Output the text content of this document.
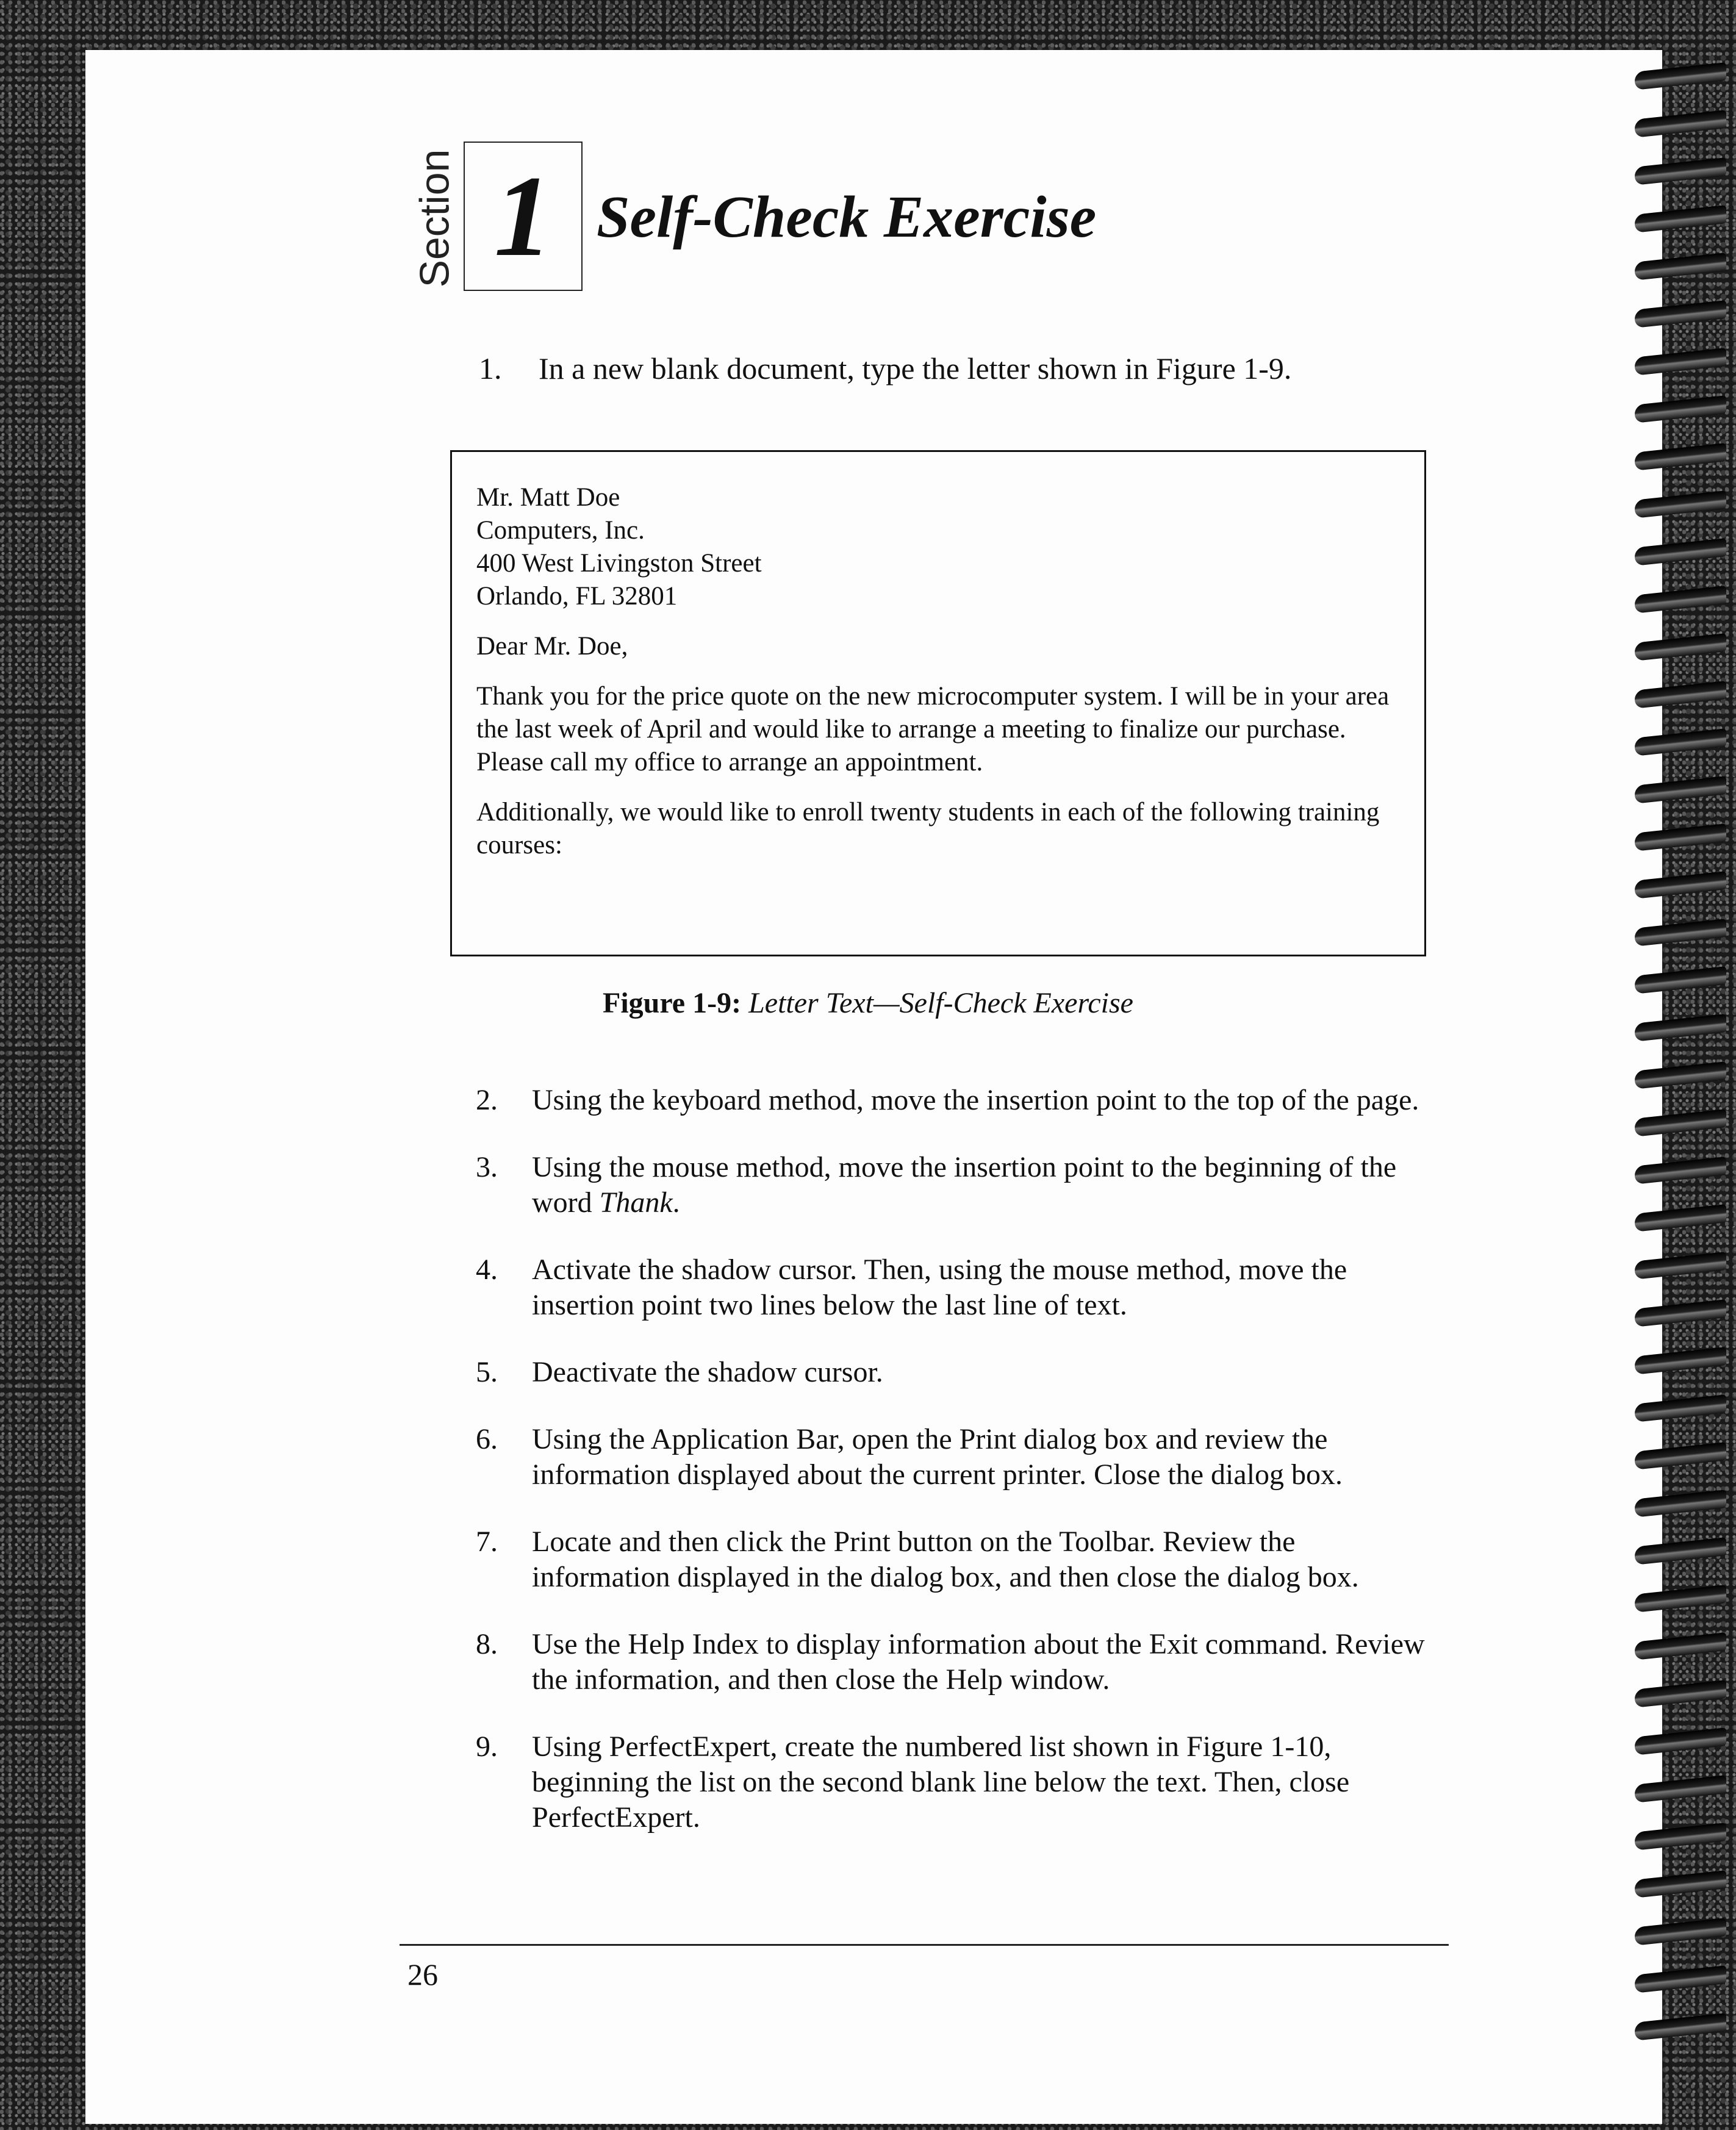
Section 1 Self-Check Exercise
1. In a new blank document, type the letter shown in Figure 1-9.

Mr. Matt Doe
Computers, Inc.
400 West Livingston Street
Orlando, FL 32801

Dear Mr. Doe,

Thank you for the price quote on the new microcomputer system. I will be in your area the last week of April and would like to arrange a meeting to finalize our purchase. Please call my office to arrange an appointment.

Additionally, we would like to enroll twenty students in each of the following training courses:

Figure 1-9: Letter Text—Self-Check Exercise
2. Using the keyboard method, move the insertion point to the top of the page.
3. Using the mouse method, move the insertion point to the beginning of the word Thank.
4. Activate the shadow cursor. Then, using the mouse method, move the insertion point two lines below the last line of text.
5. Deactivate the shadow cursor.
6. Using the Application Bar, open the Print dialog box and review the information displayed about the current printer. Close the dialog box.
7. Locate and then click the Print button on the Toolbar. Review the information displayed in the dialog box, and then close the dialog box.
8. Use the Help Index to display information about the Exit command. Review the information, and then close the Help window.
9. Using PerfectExpert, create the numbered list shown in Figure 1-10, beginning the list on the second blank line below the text. Then, close PerfectExpert.
26
